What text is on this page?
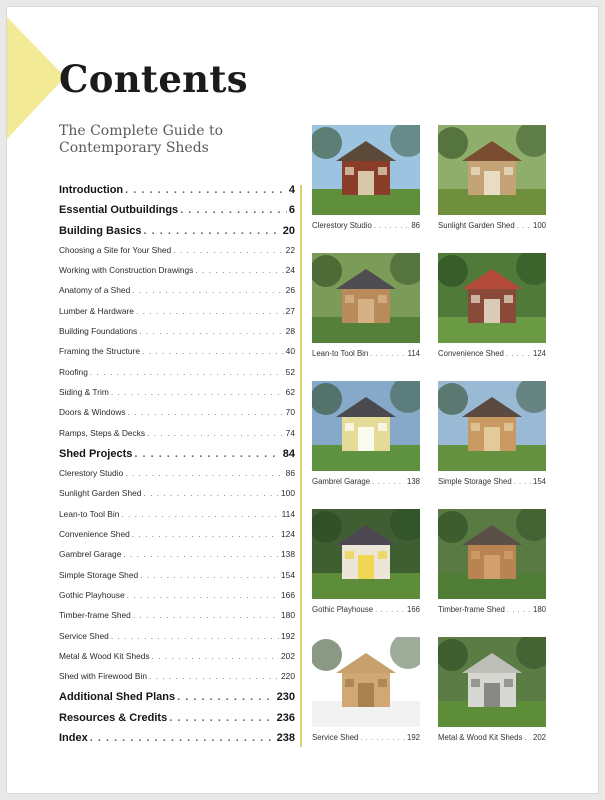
Contents
The Complete Guide to
Contemporary Sheds
Introduction . . .	4
Essential Outbuildings . . .	6
Building Basics . . .	20
Choosing a Site for Your Shed . . .	22
Working with Construction Drawings . . .	24
Anatomy of a Shed . . .	26
Lumber & Hardware . . .	27
Building Foundations . . .	28
Framing the Structure . . .	40
Roofing . . .	52
Siding & Trim . . .	62
Doors & Windows . . .	70
Ramps, Steps & Decks . . .	74
Shed Projects . . .	84
Clerestory Studio . . .	86
Sunlight Garden Shed . . .	100
Lean-to Tool Bin . . .	114
Convenience Shed . . .	124
Gambrel Garage . . .	138
Simple Storage Shed . . .	154
Gothic Playhouse . . .	166
Timber-frame Shed . . .	180
Service Shed . . .	192
Metal & Wood Kit Sheds . . .	202
Shed with Firewood Bin . . .	220
Additional Shed Plans . . .	230
Resources & Credits . . .	236
Index . . .	238
Clerestory Studio . . .	86 Sunlight Garden Shed . . . 100
Lean-to Tool Bin . . .	114 Convenience Shed . . .	124
Gambrel Garage . . .	138 Simple Storage Shed . . .	154
Gothic Playhouse . . .	166 Timber-frame Shed . . .	180
Service Shed . . .	192 Metal & Wood Kit Sheds . . . 202
